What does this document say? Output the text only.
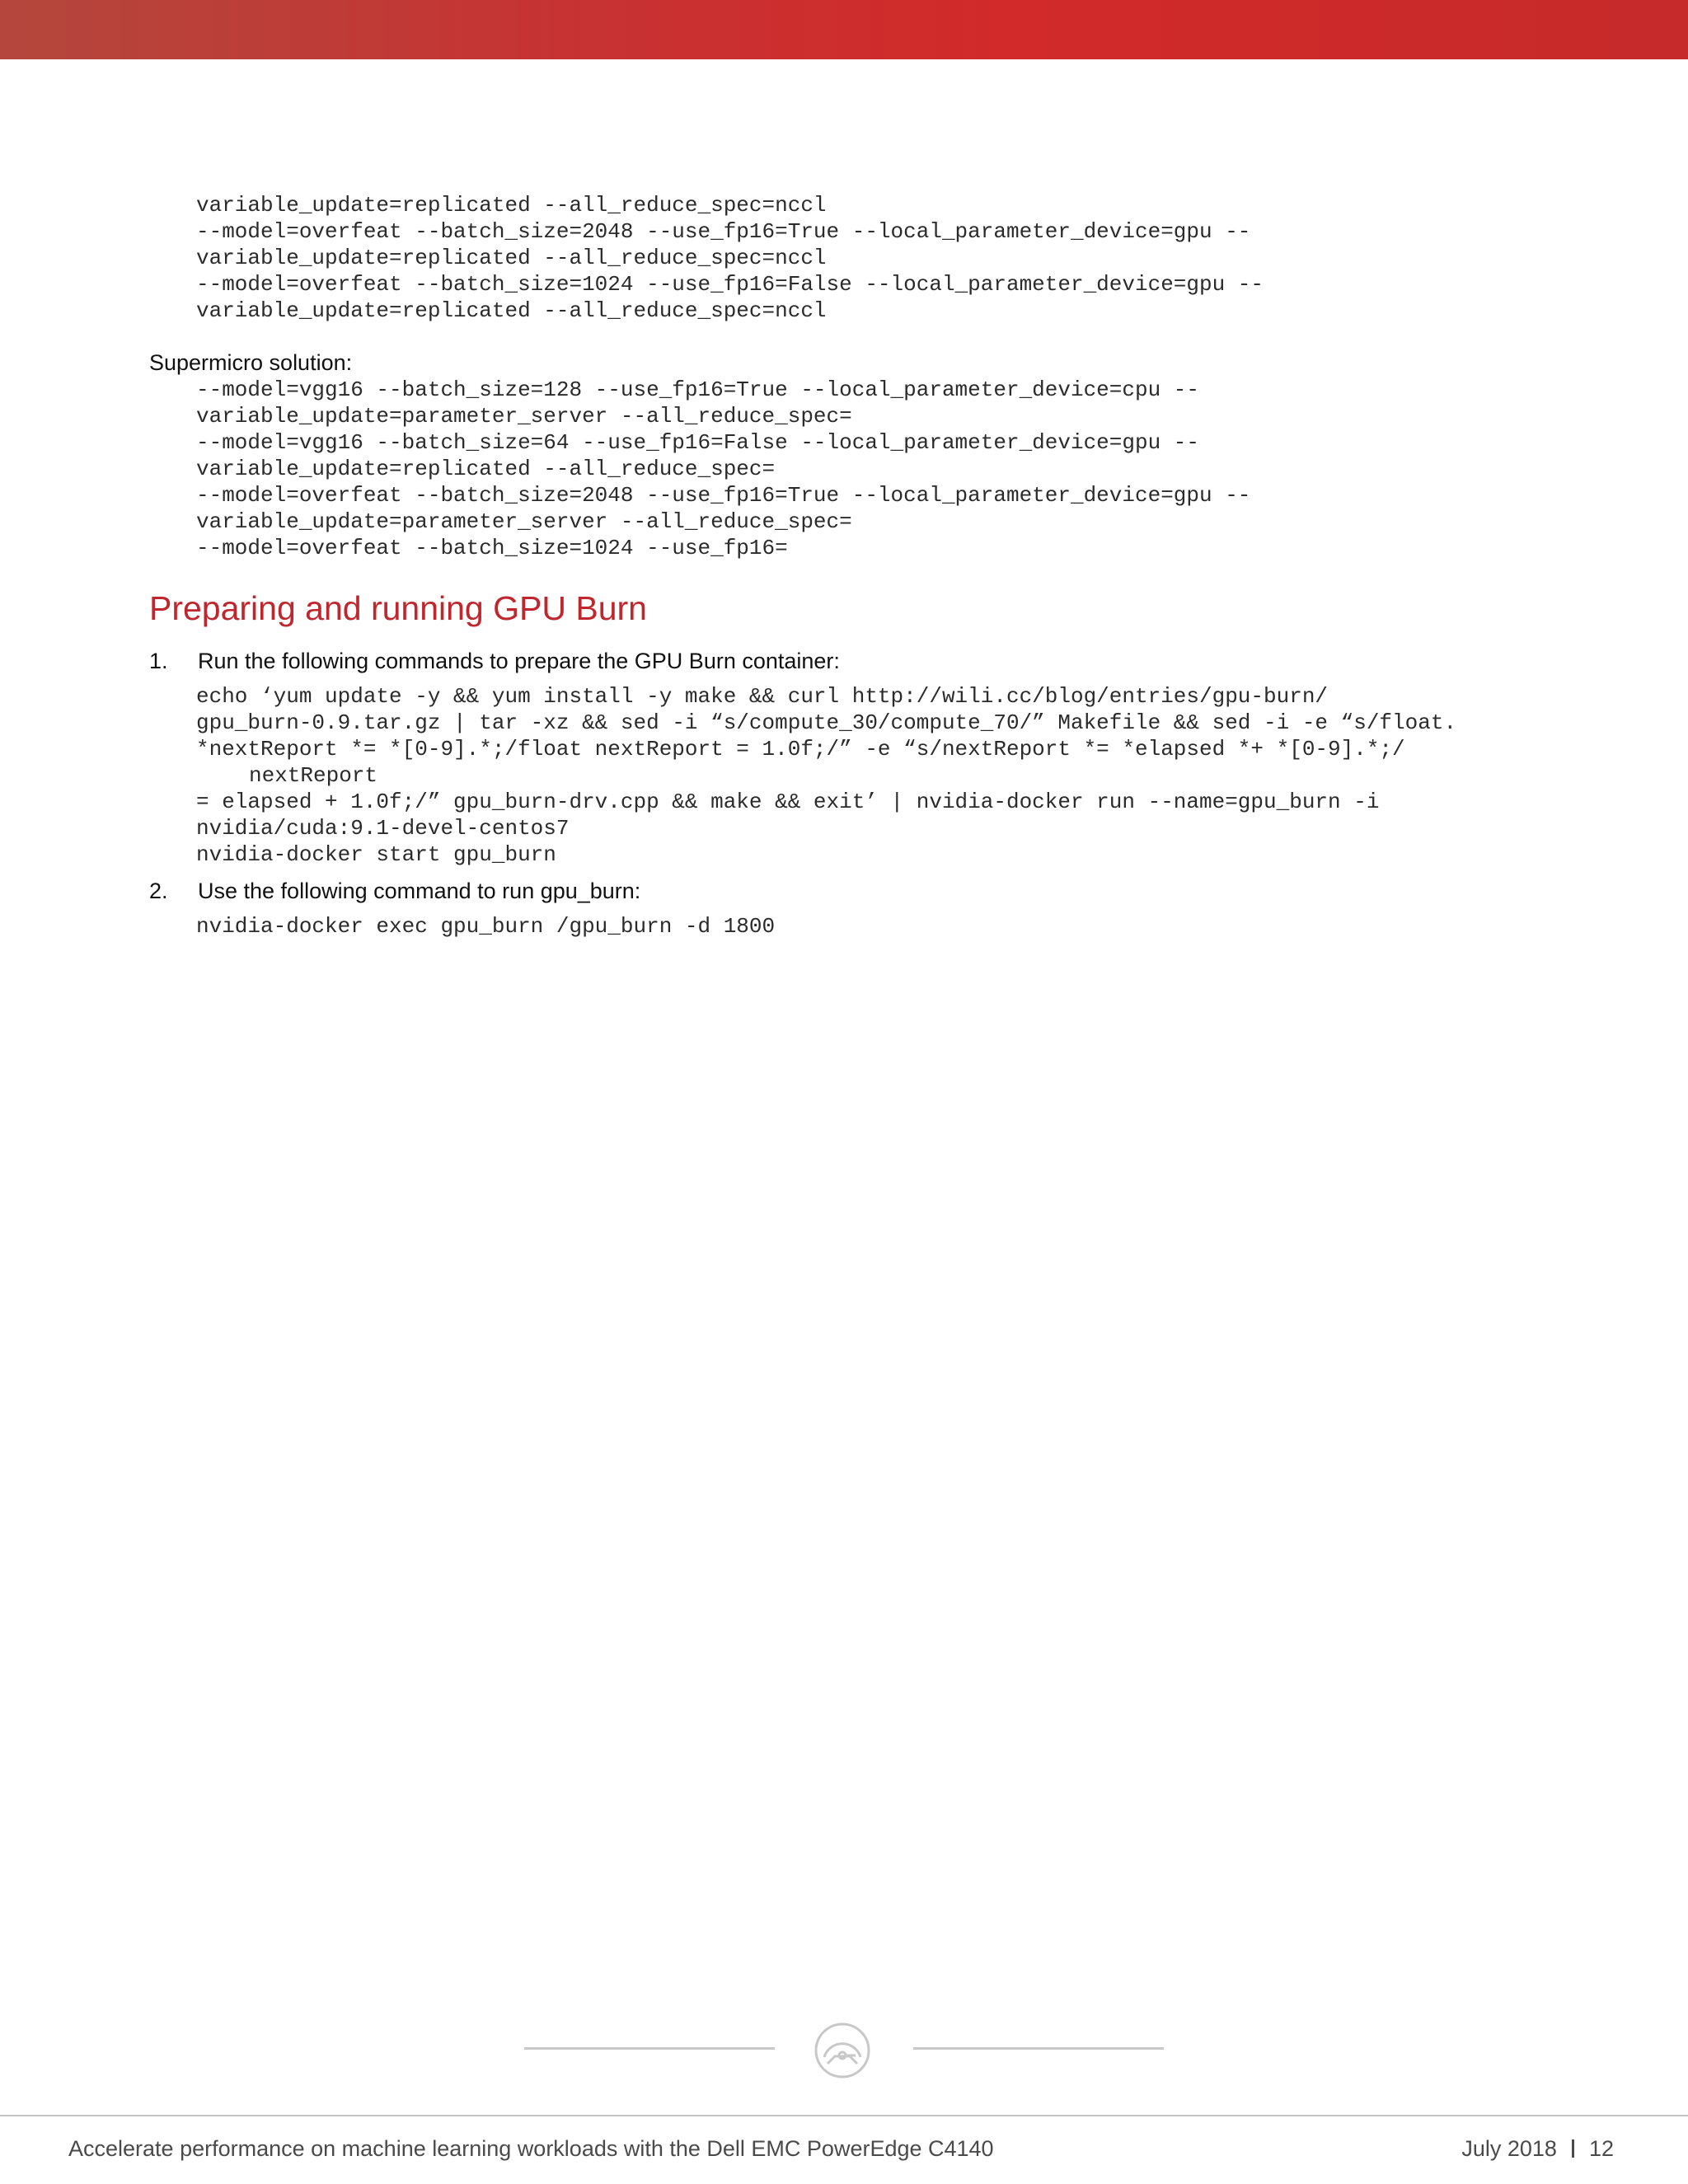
variable_update=replicated --all_reduce_spec=nccl
--model=overfeat --batch_size=2048 --use_fp16=True --local_parameter_device=gpu --
variable_update=replicated --all_reduce_spec=nccl
--model=overfeat --batch_size=1024 --use_fp16=False --local_parameter_device=gpu --
variable_update=replicated --all_reduce_spec=nccl
Supermicro solution:
--model=vgg16 --batch_size=128 --use_fp16=True --local_parameter_device=cpu --
variable_update=parameter_server --all_reduce_spec=
--model=vgg16 --batch_size=64 --use_fp16=False --local_parameter_device=gpu --
variable_update=replicated --all_reduce_spec=
--model=overfeat --batch_size=2048 --use_fp16=True --local_parameter_device=gpu --
variable_update=parameter_server --all_reduce_spec=
--model=overfeat --batch_size=1024 --use_fp16=
Preparing and running GPU Burn
1. Run the following commands to prepare the GPU Burn container:
echo ‘yum update -y && yum install -y make && curl http://wili.cc/blog/entries/gpu-burn/
gpu_burn-0.9.tar.gz | tar -xz && sed -i “s/compute_30/compute_70/” Makefile && sed -i -e “s/float.
*nextReport *= *[0-9].*;/float nextReport = 1.0f;/” -e “s/nextReport *= *elapsed *+ *[0-9].*;/
nextReport
= elapsed + 1.0f;/” gpu_burn-drv.cpp && make && exit’ | nvidia-docker run --name=gpu_burn -i
nvidia/cuda:9.1-devel-centos7
nvidia-docker start gpu_burn
2. Use the following command to run gpu_burn:
nvidia-docker exec gpu_burn /gpu_burn -d 1800
Accelerate performance on machine learning workloads with the Dell EMC PowerEdge C4140	July 2018 12
